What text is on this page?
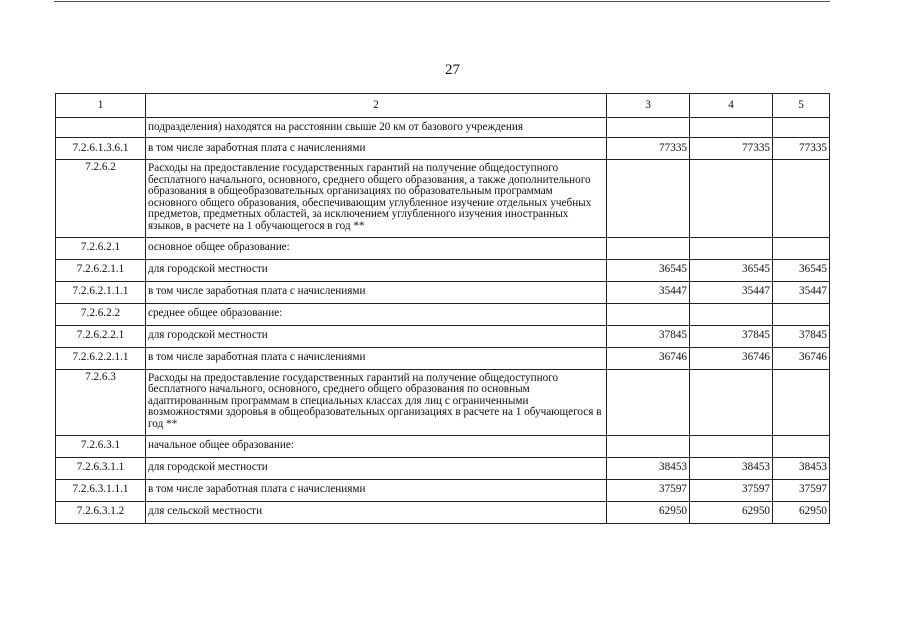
27
1	2	3	4	5
	подразделения) находятся на расстоянии свыше 20 км от базового учреждения			
7.2.6.1.3.6.1	в том числе заработная плата с начислениями	77335	77335	77335
7.2.6.2	Расходы на предоставление государственных гарантий на получение общедоступного бесплатного начального, основного, среднего общего образования, а также дополнительного образования в общеобразовательных организациях по образовательным программам основного общего образования, обеспечивающим углубленное изучение отдельных учебных предметов, предметных областей, за исключением углубленного изучения иностранных языков, в расчете на 1 обучающегося в год **			
7.2.6.2.1	основное общее образование:			
7.2.6.2.1.1	для городской местности	36545	36545	36545
7.2.6.2.1.1.1	в том числе заработная плата с начислениями	35447	35447	35447
7.2.6.2.2	среднее общее образование:			
7.2.6.2.2.1	для городской местности	37845	37845	37845
7.2.6.2.2.1.1	в том числе заработная плата с начислениями	36746	36746	36746
7.2.6.3	Расходы на предоставление государственных гарантий на получение общедоступного бесплатного начального, основного, среднего общего образования по основным адаптированным программам в специальных классах для лиц с ограниченными возможностями здоровья в общеобразовательных организациях в расчете на 1 обучающегося в год **			
7.2.6.3.1	начальное общее образование:			
7.2.6.3.1.1	для городской местности	38453	38453	38453
7.2.6.3.1.1.1	в том числе заработная плата с начислениями	37597	37597	37597
7.2.6.3.1.2	для сельской местности	62950	62950	62950
